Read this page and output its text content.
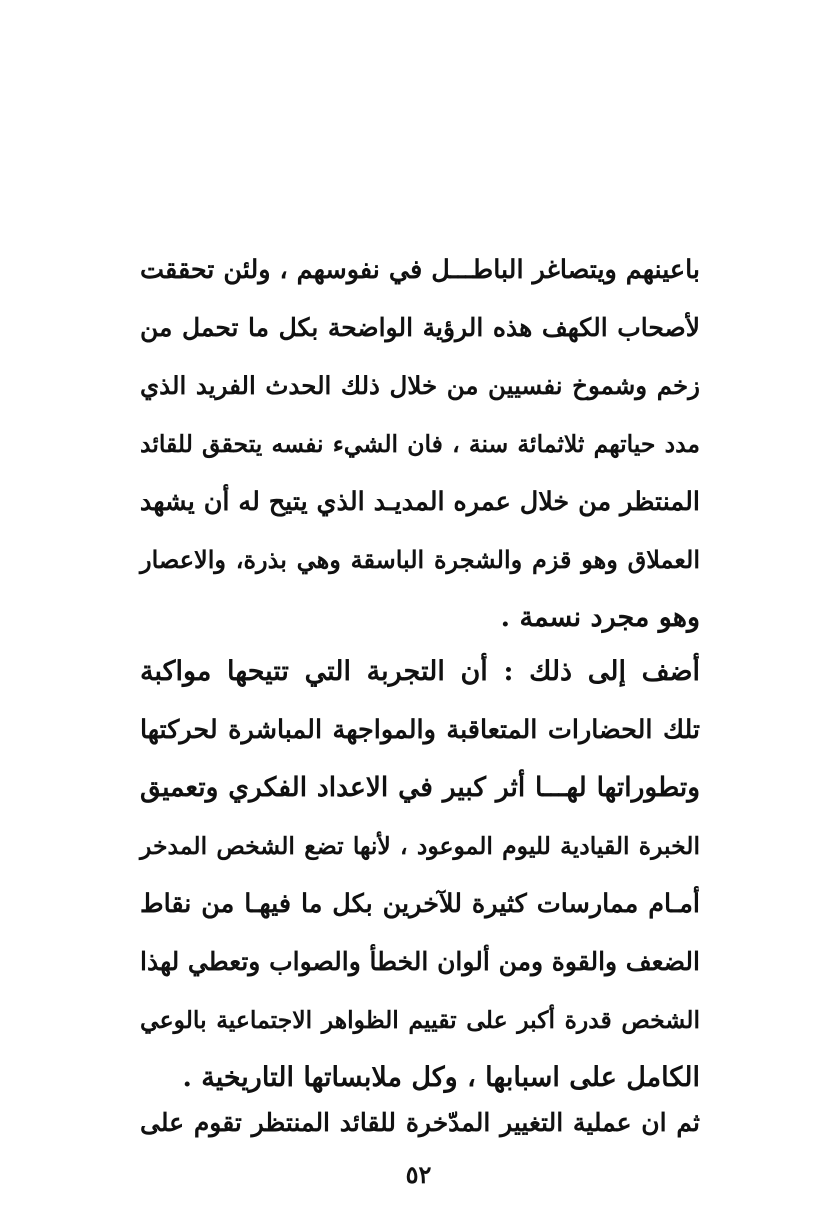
باعينهم ويتصاغر الباطـــل في نفوسهم ، ولئن تحققت
لأصحاب الكهف هذه الرؤية الواضحة بكل ما تحمل من
زخم وشموخ نفسيين من خلال ذلك الحدث الفريد الذي
مدد حياتهم ثلاثمائة سنة ، فان الشيء نفسه يتحقق للقائد
المنتظر من خلال عمره المديـد الذي يتيح له أن يشهد
العملاق وهو قزم والشجرة الباسقة وهي بذرة، والاعصار
وهو مجرد نسمة .
أضف إلى ذلك : أن التجربة التي تتيحها مواكبة
تلك الحضارات المتعاقبة والمواجهة المباشرة لحركتها
وتطوراتها لهـــا أثر كبير في الاعداد الفكري وتعميق
الخبرة القيادية لليوم الموعود ، لأنها تضع الشخص المدخر
أمـام ممارسات كثيرة للآخرين بكل ما فيهـا من نقاط
الضعف والقوة ومن ألوان الخطأ والصواب وتعطي لهذا
الشخص قدرة أكبر على تقييم الظواهر الاجتماعية بالوعي
الكامل على اسبابها ، وكل ملابساتها التاريخية .
ثم ان عملية التغيير المدّخرة للقائد المنتظر تقوم على
٥٢
